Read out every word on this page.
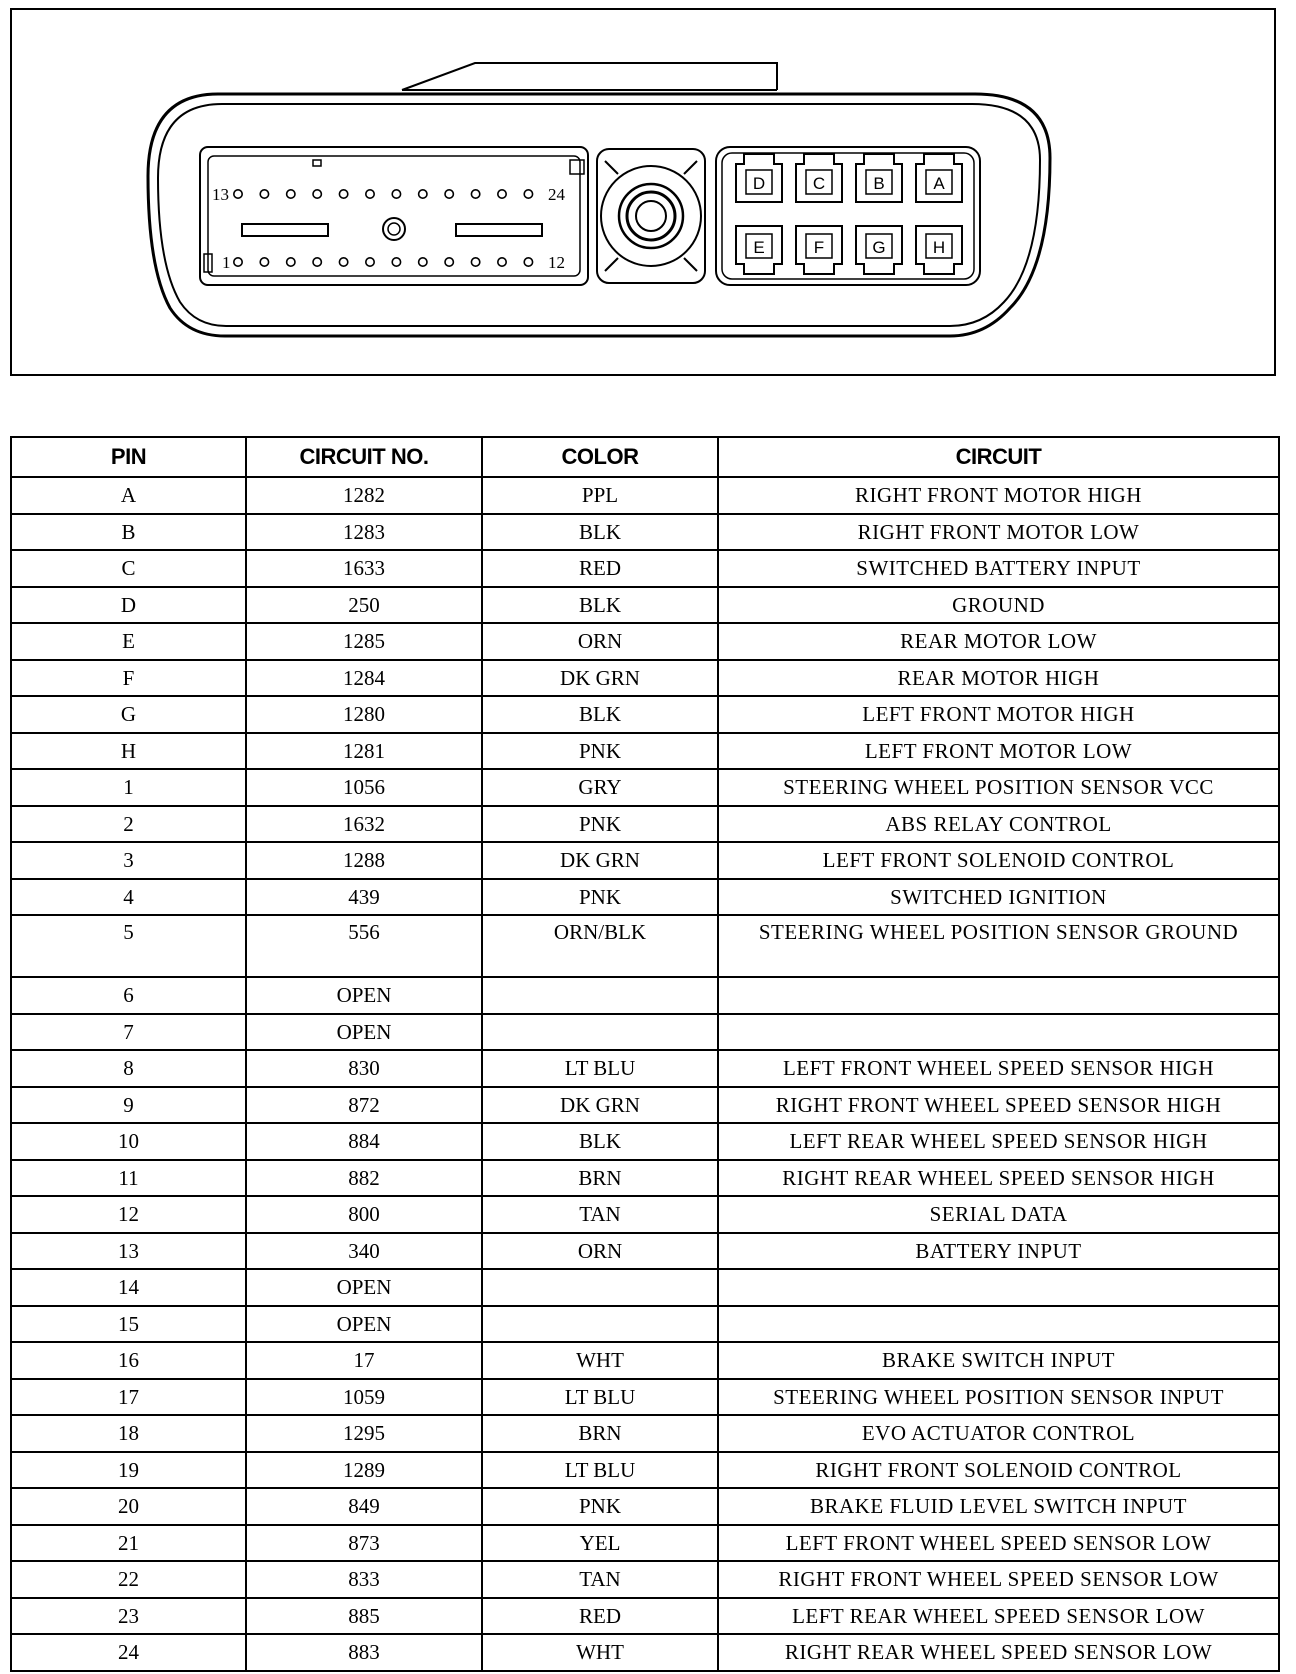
13	24
1	12
D
E
C
F
B
G
A
H
PIN	CIRCUIT NO.	COLOR	CIRCUIT
A	1282	PPL	RIGHT FRONT MOTOR HIGH
B	1283	BLK	RIGHT FRONT MOTOR LOW
C	1633	RED	SWITCHED BATTERY INPUT
D	250	BLK	GROUND
E	1285	ORN	REAR MOTOR LOW
F	1284	DK GRN	REAR MOTOR HIGH
G	1280	BLK	LEFT FRONT MOTOR HIGH
H	1281	PNK	LEFT FRONT MOTOR LOW
1	1056	GRY	STEERING WHEEL POSITION SENSOR VCC
2	1632	PNK	ABS RELAY CONTROL
3	1288	DK GRN	LEFT FRONT SOLENOID CONTROL
4	439	PNK	SWITCHED IGNITION
5	556	ORN/BLK	STEERING WHEEL POSITION SENSOR GROUND
6	OPEN		
7	OPEN		
8	830	LT BLU	LEFT FRONT WHEEL SPEED SENSOR HIGH
9	872	DK GRN	RIGHT FRONT WHEEL SPEED SENSOR HIGH
10	884	BLK	LEFT REAR WHEEL SPEED SENSOR HIGH
11	882	BRN	RIGHT REAR WHEEL SPEED SENSOR HIGH
12	800	TAN	SERIAL DATA
13	340	ORN	BATTERY INPUT
14	OPEN		
15	OPEN		
16	17	WHT	BRAKE SWITCH INPUT
17	1059	LT BLU	STEERING WHEEL POSITION SENSOR INPUT
18	1295	BRN	EVO ACTUATOR CONTROL
19	1289	LT BLU	RIGHT FRONT SOLENOID CONTROL
20	849	PNK	BRAKE FLUID LEVEL SWITCH INPUT
21	873	YEL	LEFT FRONT WHEEL SPEED SENSOR LOW
22	833	TAN	RIGHT FRONT WHEEL SPEED SENSOR LOW
23	885	RED	LEFT REAR WHEEL SPEED SENSOR LOW
24	883	WHT	RIGHT REAR WHEEL SPEED SENSOR LOW
